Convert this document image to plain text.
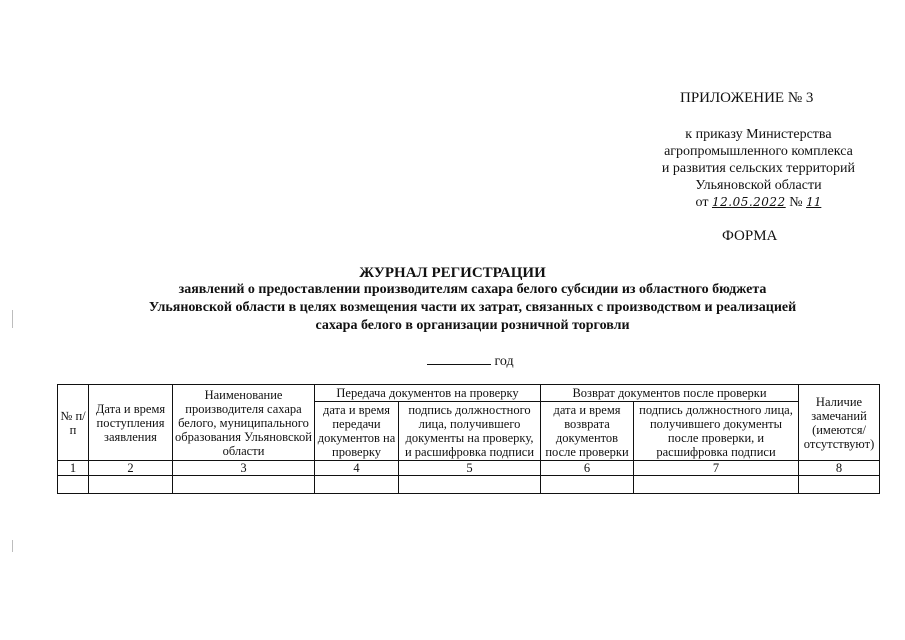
ПРИЛОЖЕНИЕ № 3
к приказу Министерства
агропромышленного комплекса
и развития сельских территорий
Ульяновской области
от 12.05.2022 № 11
ФОРМА
ЖУРНАЛ РЕГИСТРАЦИИ
заявлений о предоставлении производителям сахара белого субсидии из областного бюджета
Ульяновской области в целях возмещения части их затрат, связанных с производством и реализацией
сахара белого в организации розничной торговли
год
№ п/п	Дата и время поступления заявления	Наименование производителя сахара белого, муниципального образования Ульяновской области	Передача документов на проверку		Возврат документов после проверки		Наличие замечаний (имеются/ отсутствуют)
			дата и время передачи документов на проверку	подпись должностного лица, получившего документы на проверку, и расшифровка подписи	дата и время возврата документов после проверки	подпись должностного лица, получившего документы после проверки, и расшифровка подписи	
1	2	3	4	5	6	7	8
